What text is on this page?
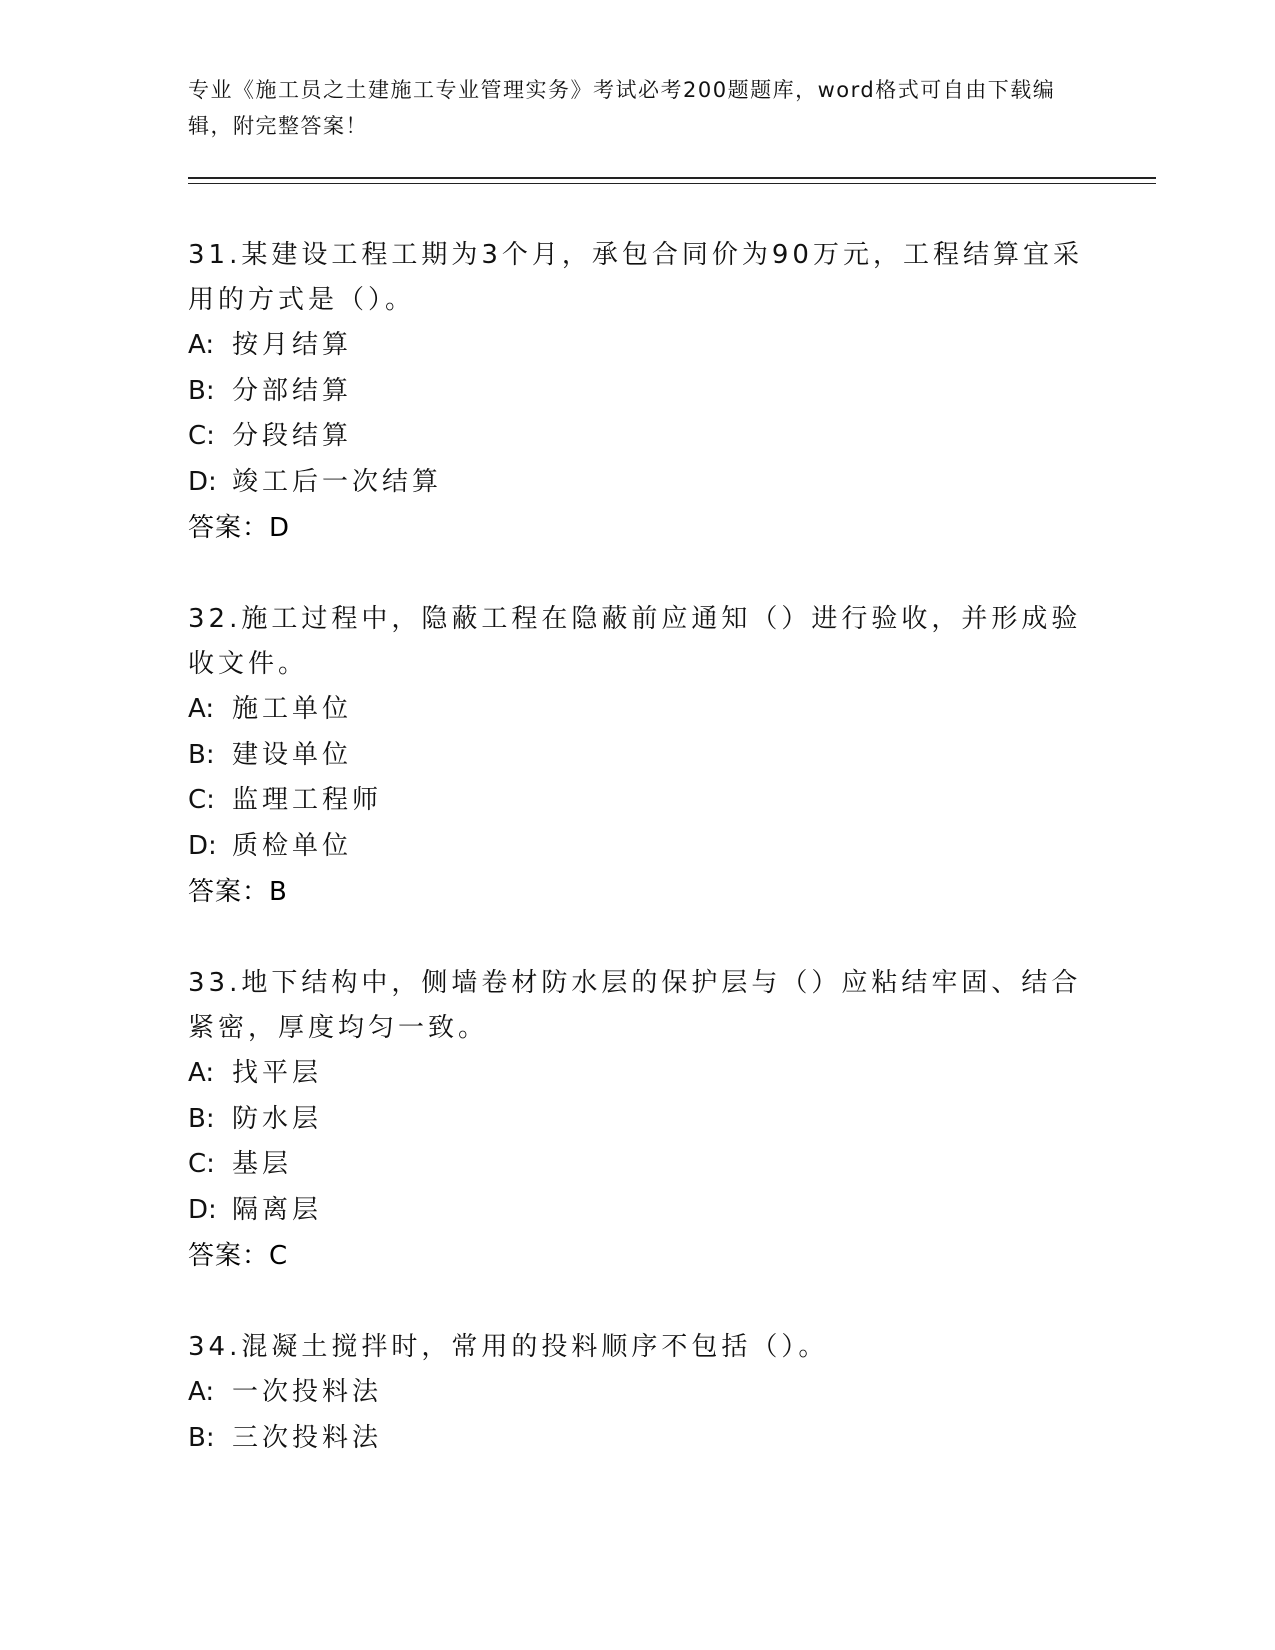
专业《施工员之土建施工专业管理实务》考试必考200题题库，word格式可自由下载编辑，附完整答案！
31.某建设工程工期为3个月，承包合同价为90万元，工程结算宜采用的方式是（）。
A: 按月结算
B: 分部结算
C: 分段结算
D: 竣工后一次结算
答案：D
32.施工过程中，隐蔽工程在隐蔽前应通知（）进行验收，并形成验收文件。
A: 施工单位
B: 建设单位
C: 监理工程师
D: 质检单位
答案：B
33.地下结构中，侧墙卷材防水层的保护层与（）应粘结牢固、结合紧密，厚度均匀一致。
A: 找平层
B: 防水层
C: 基层
D: 隔离层
答案：C
34.混凝土搅拌时，常用的投料顺序不包括（）。
A: 一次投料法
B: 三次投料法
